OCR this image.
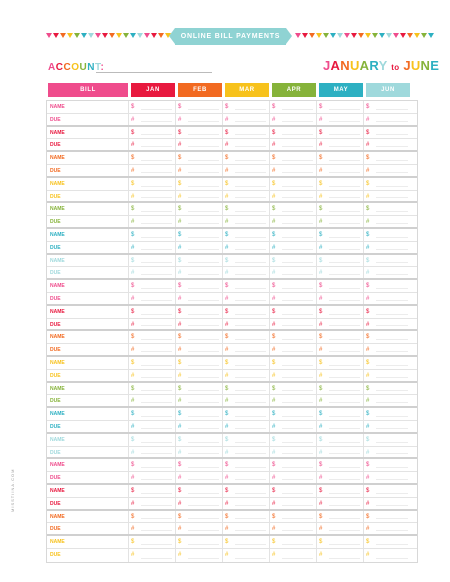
ONLINE BILL PAYMENTS
ACCOUNT:	JANUARY to JUNE
BILL	JAN	FEB	MAR	APR	MAY	JUN
NAME	$	$	$	$	$	$
DUE	#	#	#	#	#	#
NAME	$	$	$	$	$	$
DUE	#	#	#	#	#	#
NAME	$	$	$	$	$	$
DUE	#	#	#	#	#	#
NAME	$	$	$	$	$	$
DUE	#	#	#	#	#	#
NAME	$	$	$	$	$	$
DUE	#	#	#	#	#	#
NAME	$	$	$	$	$	$
DUE	#	#	#	#	#	#
NAME	$	$	$	$	$	$
DUE	#	#	#	#	#	#
NAME	$	$	$	$	$	$
DUE	#	#	#	#	#	#
NAME	$	$	$	$	$	$
DUE	#	#	#	#	#	#
NAME	$	$	$	$	$	$
DUE	#	#	#	#	#	#
NAME	$	$	$	$	$	$
DUE	#	#	#	#	#	#
NAME	$	$	$	$	$	$
DUE	#	#	#	#	#	#
NAME	$	$	$	$	$	$
DUE	#	#	#	#	#	#
NAME	$	$	$	$	$	$
DUE	#	#	#	#	#	#
NAME	$	$	$	$	$	$
DUE	#	#	#	#	#	#
NAME	$	$	$	$	$	$
DUE	#	#	#	#	#	#
NAME	$	$	$	$	$	$
DUE	#	#	#	#	#	#
NAME	$	$	$	$	$	$
DUE	#	#	#	#	#	#
MISSTIINA.COM
